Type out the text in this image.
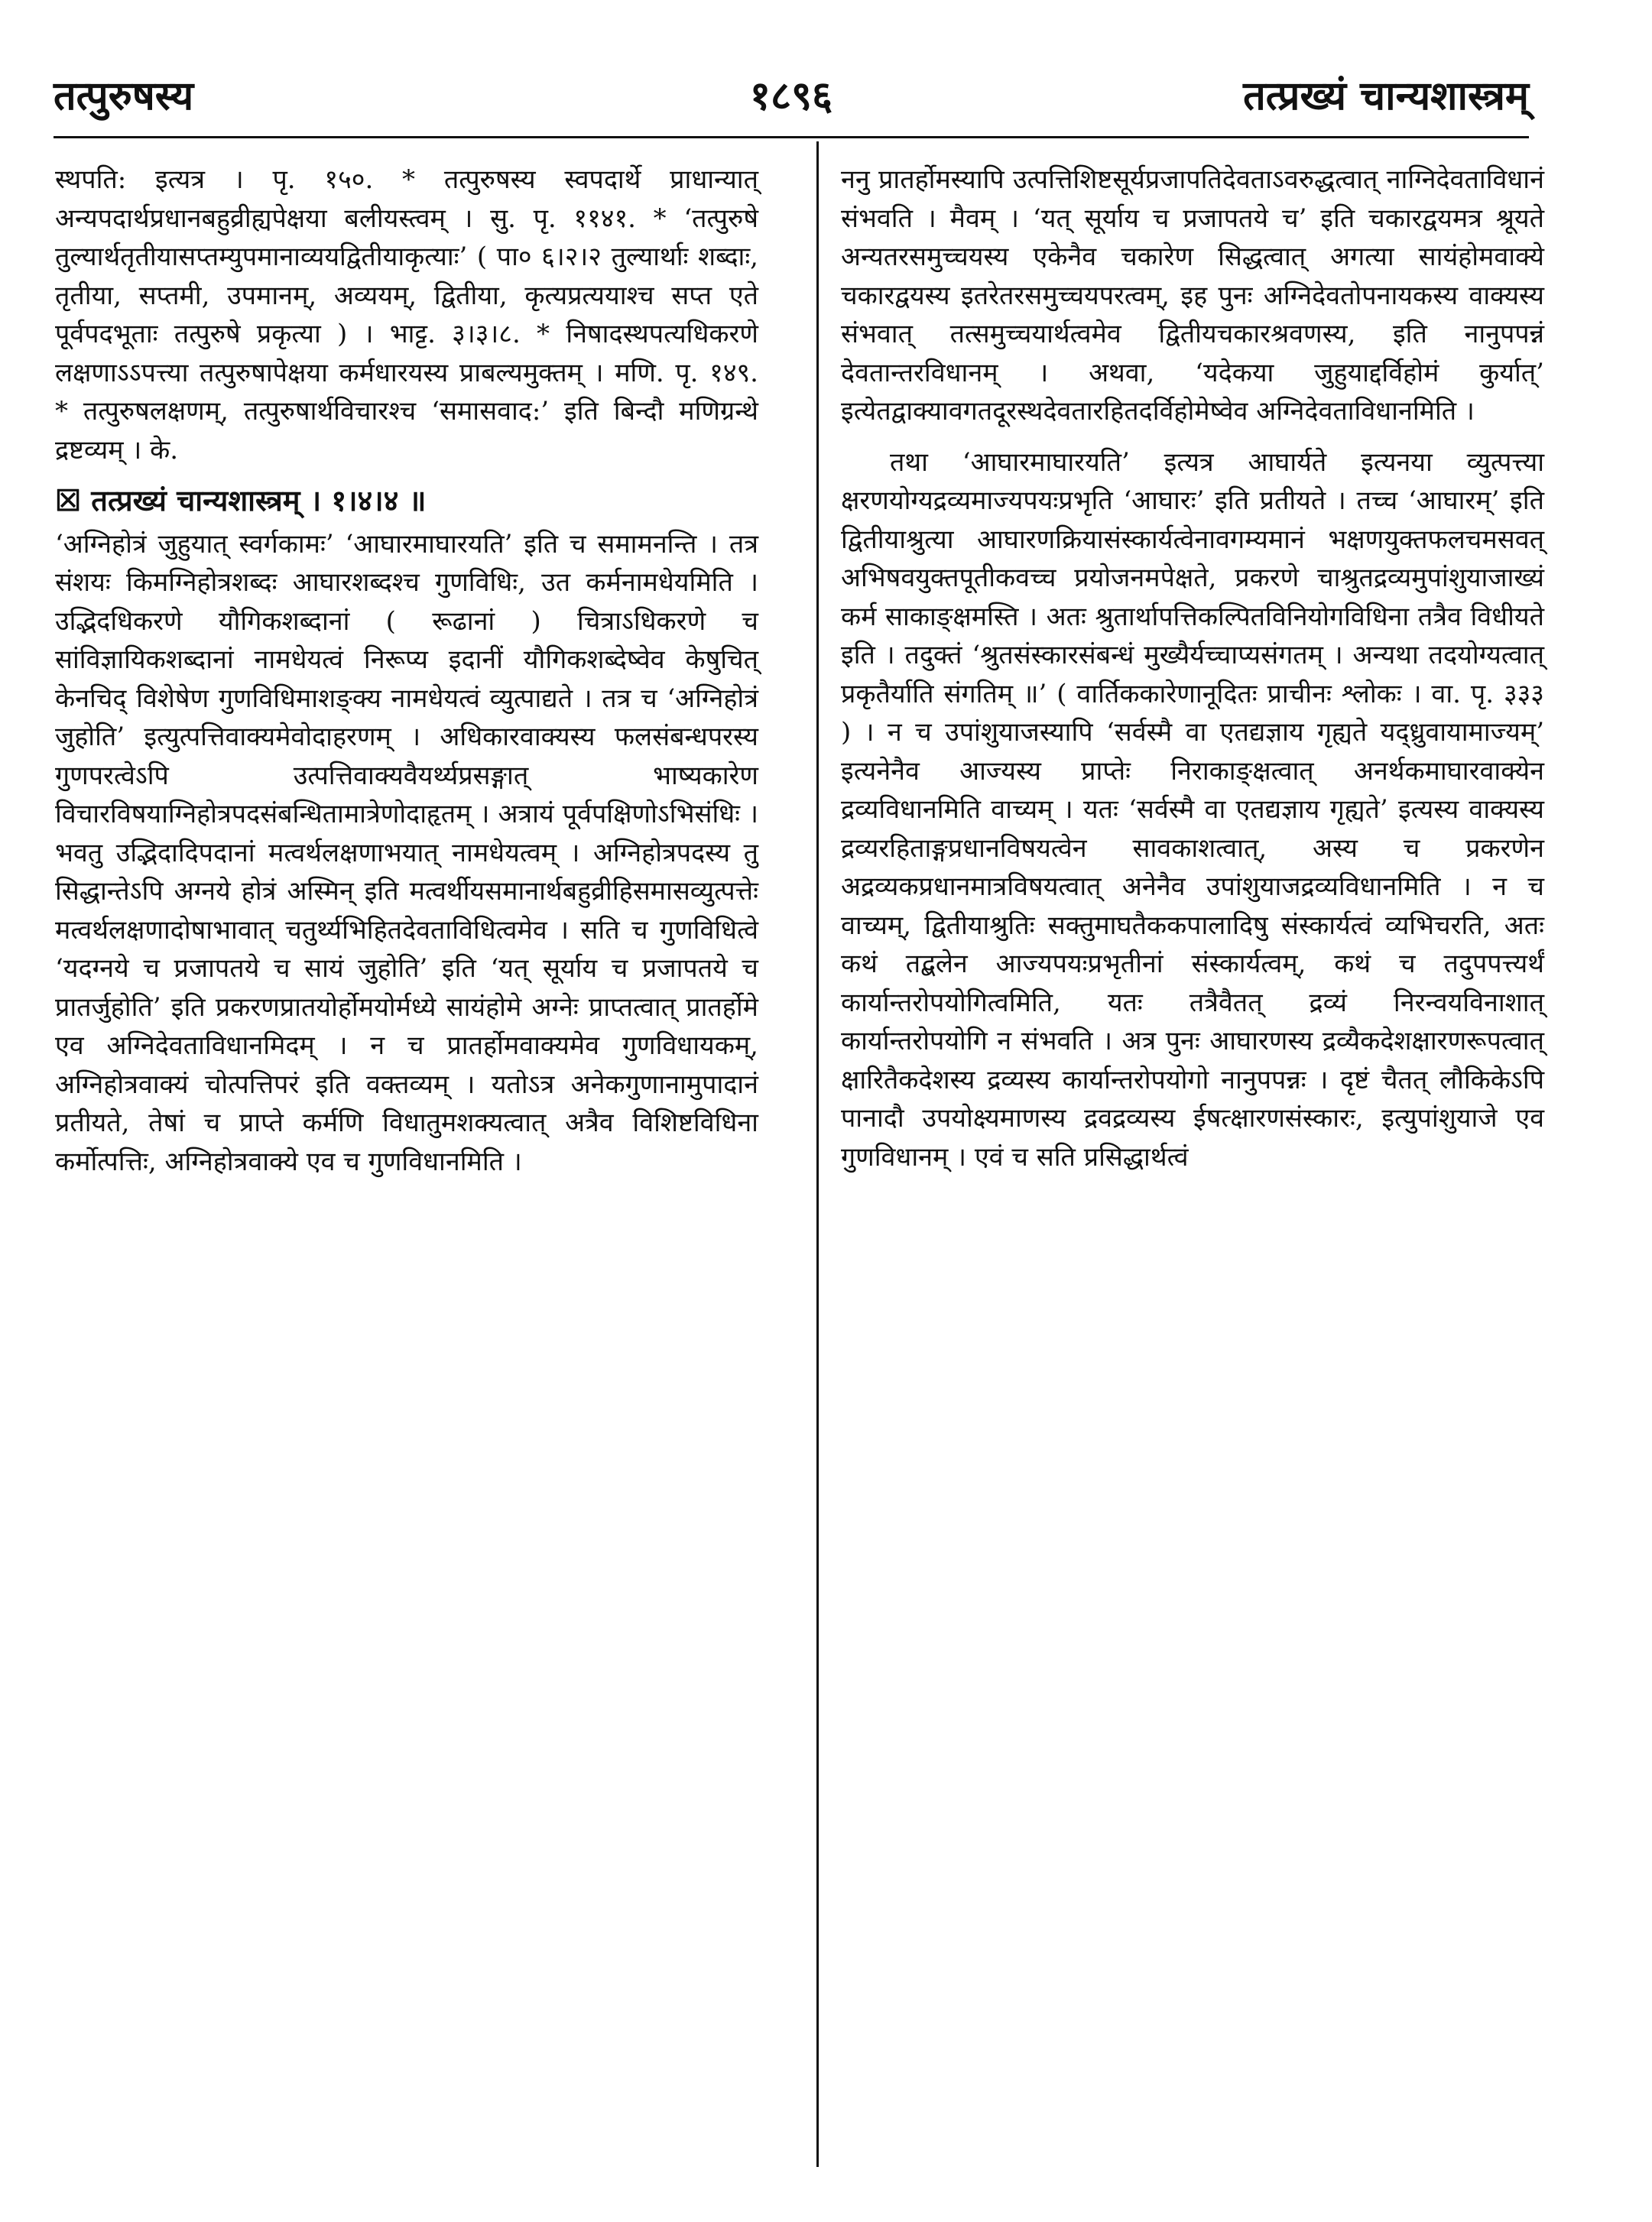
तत्पुरुषस्य	१८९६	तत्प्रख्यं चान्यशास्त्रम्

स्थपति: इत्यत्र । पृ. १५०. * तत्पुरुषस्य स्वपदार्थे प्राधान्यात् अन्यपदार्थप्रधानबहुव्रीह्यपेक्षया बलीयस्त्वम् । सु. पृ. ११४१. * ‘तत्पुरुषे तुल्यार्थतृतीयासप्तम्युपमानाव्ययद्वितीयाकृत्याः’ ( पा० ६।२।२ तुल्यार्थाः शब्दाः, तृतीया, सप्तमी, उपमानम्, अव्ययम्, द्वितीया, कृत्यप्रत्ययाश्च सप्त एते पूर्वपदभूताः तत्पुरुषे प्रकृत्या ) । भाट्ट. ३।३।८. * निषादस्थपत्यधिकरणे लक्षणाऽऽपत्त्या तत्पुरुषापेक्षया कर्मधारयस्य प्राबल्यमुक्तम् । मणि. पृ. १४९. * तत्पुरुषलक्षणम्, तत्पुरुषार्थविचारश्च ‘समासवाद:’ इति बिन्दौ मणिग्रन्थे द्रष्टव्यम् । के.

☒ तत्प्रख्यं चान्यशास्त्रम् । १।४।४ ॥

‘अग्निहोत्रं जुहुयात् स्वर्गकामः’ ‘आघारमाघारयति’ इति च समामनन्ति । तत्र संशयः किमग्निहोत्रशब्दः आघारशब्दश्च गुणविधिः, उत कर्मनामधेयमिति । उद्भिदधिकरणे यौगिकशब्दानां ( रूढानां ) चित्राऽधिकरणे च सांविज्ञायिकशब्दानां नामधेयत्वं निरूप्य इदानीं यौगिकशब्देष्वेव केषुचित् केनचिद् विशेषेण गुणविधिमाशङ्क्य नामधेयत्वं व्युत्पाद्यते । तत्र च ‘अग्निहोत्रं जुहोति’ इत्युत्पत्तिवाक्यमेवोदाहरणम् । अधिकारवाक्यस्य फलसंबन्धपरस्य गुणपरत्वेऽपि उत्पत्तिवाक्यवैयर्थ्यप्रसङ्गात् भाष्यकारेण विचारविषयाग्निहोत्रपदसंबन्धितामात्रेणोदाहृतम् । अत्रायं पूर्वपक्षिणोऽभिसंधिः । भवतु उद्भिदादिपदानां मत्वर्थलक्षणाभयात् नामधेयत्वम् । अग्निहोत्रपदस्य तु सिद्धान्तेऽपि अग्नये होत्रं अस्मिन् इति मत्वर्थीयसमानार्थबहुव्रीहिसमासव्युत्पत्तेः मत्वर्थलक्षणादोषाभावात् चतुर्थ्यभिहितदेवताविधित्वमेव । सति च गुणविधित्वे ‘यदग्नये च प्रजापतये च सायं जुहोति’ इति ‘यत् सूर्याय च प्रजापतये च प्रातर्जुहोति’ इति प्रकरणप्रातयोर्होमयोर्मध्ये सायंहोमे अग्नेः प्राप्तत्वात् प्रातर्होमे एव अग्निदेवताविधानमिदम् । न च प्रातर्होमवाक्यमेव गुणविधायकम्, अग्निहोत्रवाक्यं चोत्पत्तिपरं इति वक्तव्यम् । यतोऽत्र अनेकगुणानामुपादानं प्रतीयते, तेषां च प्राप्ते कर्मणि विधातुमशक्यत्वात् अत्रैव विशिष्टविधिना कर्मोत्पत्तिः, अग्निहोत्रवाक्ये एव च गुणविधानमिति ।

ननु प्रातर्होमस्यापि उत्पत्तिशिष्टसूर्यप्रजापतिदेवताऽवरुद्धत्वात् नाग्निदेवताविधानं संभवति । मैवम् । ‘यत् सूर्याय च प्रजापतये च’ इति चकारद्वयमत्र श्रूयते अन्यतरसमुच्चयस्य एकेनैव चकारेण सिद्धत्वात् अगत्या सायंहोमवाक्ये चकारद्वयस्य इतरेतरसमुच्चयपरत्वम्, इह पुनः अग्निदेवतोपनायकस्य वाक्यस्य संभवात् तत्समुच्चयार्थत्वमेव द्वितीयचकारश्रवणस्य, इति नानुपपन्नं देवतान्तरविधानम् । अथवा, ‘यदेकया जुहुयाद्दर्विहोमं कुर्यात्’ इत्येतद्वाक्यावगतदूरस्थदेवतारहितदर्विहोमेष्वेव अग्निदेवताविधानमिति ।

तथा ‘आघारमाघारयति’ इत्यत्र आघार्यते इत्यनया व्युत्पत्त्या क्षरणयोग्यद्रव्यमाज्यपयःप्रभृति ‘आघारः’ इति प्रतीयते । तच्च ‘आघारम्’ इति द्वितीयाश्रुत्या आघारणक्रियासंस्कार्यत्वेनावगम्यमानं भक्षणयुक्तफलचमसवत् अभिषवयुक्तपूतीकवच्च प्रयोजनमपेक्षते, प्रकरणे चाश्रुतद्रव्यमुपांशुयाजाख्यं कर्म साकाङ्क्षमस्ति । अतः श्रुतार्थापत्तिकल्पितविनियोगविधिना तत्रैव विधीयते इति । तदुक्तं ‘श्रुतसंस्कारसंबन्धं मुख्यैर्यच्चाप्यसंगतम् । अन्यथा तदयोग्यत्वात् प्रकृतैर्याति संगतिम् ॥’ ( वार्तिककारेणानूदितः प्राचीनः श्लोकः । वा. पृ. ३३३ ) । न च उपांशुयाजस्यापि ‘सर्वस्मै वा एतद्यज्ञाय गृह्यते यद्ध्रुवायामाज्यम्’ इत्यनेनैव आज्यस्य प्राप्तेः निराकाङ्क्षत्वात् अनर्थकमाघारवाक्येन द्रव्यविधानमिति वाच्यम् । यतः ‘सर्वस्मै वा एतद्यज्ञाय गृह्यते’ इत्यस्य वाक्यस्य द्रव्यरहिताङ्गप्रधानविषयत्वेन सावकाशत्वात्, अस्य च प्रकरणेन अद्रव्यकप्रधानमात्रविषयत्वात् अनेनैव उपांशुयाजद्रव्यविधानमिति । न च वाच्यम्, द्वितीयाश्रुतिः सक्तुमाघतैककपालादिषु संस्कार्यत्वं व्यभिचरति, अतः कथं तद्बलेन आज्यपयःप्रभृतीनां संस्कार्यत्वम्, कथं च तदुपपत्त्यर्थं कार्यान्तरोपयोगित्वमिति, यतः तत्रैवैतत् द्रव्यं निरन्वयविनाशात् कार्यान्तरोपयोगि न संभवति । अत्र पुनः आघारणस्य द्रव्यैकदेशक्षारणरूपत्वात् क्षारितैकदेशस्य द्रव्यस्य कार्यान्तरोपयोगो नानुपपन्नः । दृष्टं चैतत् लौकिकेऽपि पानादौ उपयोक्ष्यमाणस्य द्रवद्रव्यस्य ईषत्क्षारणसंस्कारः, इत्युपांशुयाजे एव गुणविधानम् । एवं च सति प्रसिद्धार्थत्वं
